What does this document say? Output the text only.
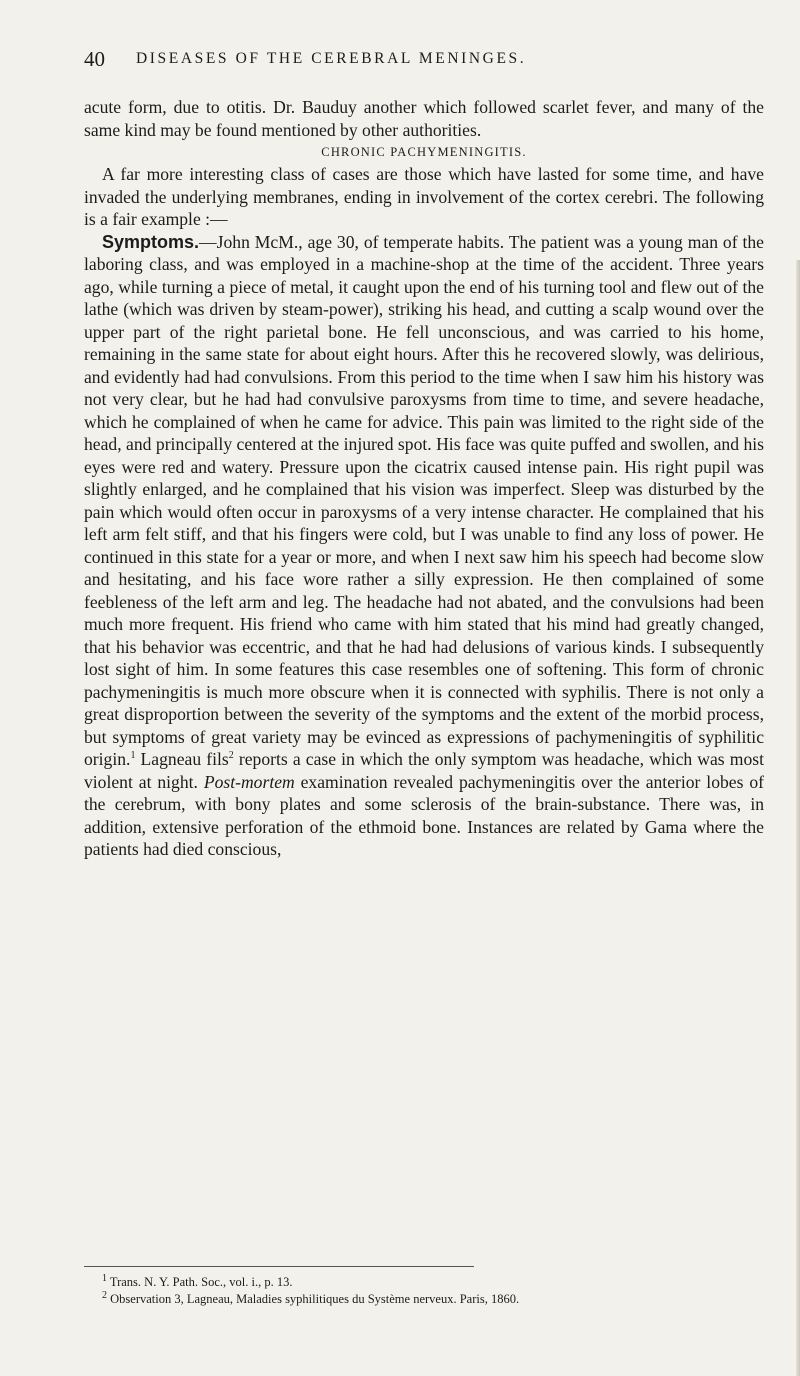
40 DISEASES OF THE CEREBRAL MENINGES.

acute form, due to otitis. Dr. Bauduy another which followed scarlet fever, and many of the same kind may be found mentioned by other authorities.

CHRONIC PACHYMENINGITIS.

A far more interesting class of cases are those which have lasted for some time, and have invaded the underlying membranes, ending in involvement of the cortex cerebri. The following is a fair example :—

Symptoms.—John McM., age 30, of temperate habits. The patient was a young man of the laboring class, and was employed in a machine-shop at the time of the accident. Three years ago, while turning a piece of metal, it caught upon the end of his turning tool and flew out of the lathe (which was driven by steam-power), striking his head, and cutting a scalp wound over the upper part of the right parietal bone. He fell unconscious, and was carried to his home, remaining in the same state for about eight hours. After this he recovered slowly, was delirious, and evidently had had convulsions. From this period to the time when I saw him his history was not very clear, but he had had convulsive paroxysms from time to time, and severe headache, which he complained of when he came for advice. This pain was limited to the right side of the head, and principally centered at the injured spot. His face was quite puffed and swollen, and his eyes were red and watery. Pressure upon the cicatrix caused intense pain. His right pupil was slightly enlarged, and he complained that his vision was imperfect. Sleep was disturbed by the pain which would often occur in paroxysms of a very intense character. He complained that his left arm felt stiff, and that his fingers were cold, but I was unable to find any loss of power. He continued in this state for a year or more, and when I next saw him his speech had become slow and hesitating, and his face wore rather a silly expression. He then complained of some feebleness of the left arm and leg. The headache had not abated, and the convulsions had been much more frequent. His friend who came with him stated that his mind had greatly changed, that his behavior was eccentric, and that he had had delusions of various kinds. I subsequently lost sight of him. In some features this case resembles one of softening. This form of chronic pachymeningitis is much more obscure when it is connected with syphilis. There is not only a great disproportion between the severity of the symptoms and the extent of the morbid process, but symptoms of great variety may be evinced as expressions of pachymeningitis of syphilitic origin.$^1$ Lagneau fils$^2$ reports a case in which the only symptom was headache, which was most violent at night. Post-mortem examination revealed pachymeningitis over the anterior lobes of the cerebrum, with bony plates and some sclerosis of the brain-substance. There was, in addition, extensive perforation of the ethmoid bone. Instances are related by Gama where the patients had died conscious,

$^1$ Trans. N. Y. Path. Soc., vol. i., p. 13.

$^2$ Observation 3, Lagneau, Maladies syphilitiques du Système nerveux. Paris, 1860.
